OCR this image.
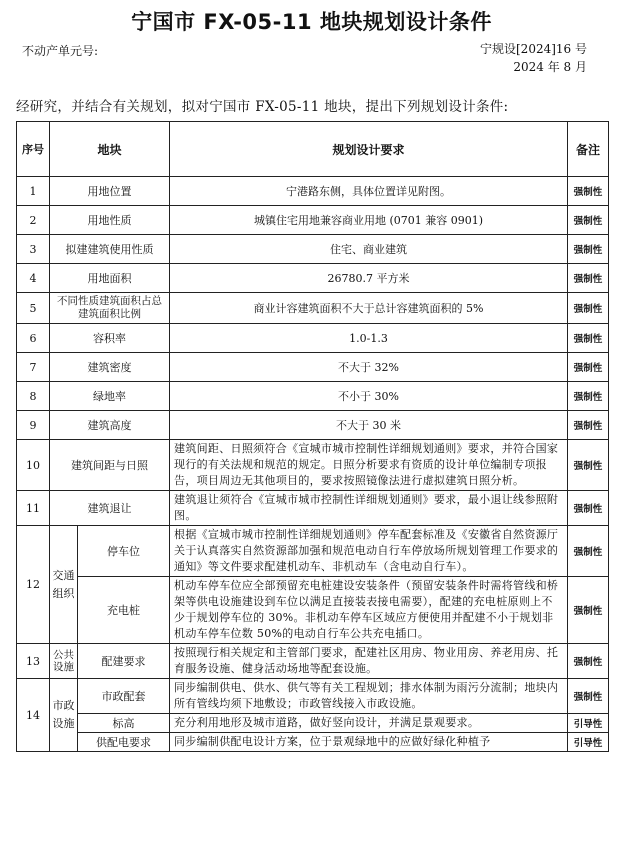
宁国市 FX-05-11 地块规划设计条件
不动产单元号:	宁规设[2024]16 号
2024 年 8 月
经研究，并结合有关规划，拟对宁国市 FX-05-11 地块，提出下列规划设计条件:
序号	地块		规划设计要求	备注
1	用地位置		宁港路东侧，具体位置详见附图。	强制性
2	用地性质		城镇住宅用地兼容商业用地 (0701 兼容 0901)	强制性
3	拟建建筑使用性质		住宅、商业建筑	强制性
4	用地面积		26780.7 平方米	强制性
5	不同性质建筑面积占总建筑面积比例		商业计容建筑面积不大于总计容建筑面积的 5%	强制性
6	容积率		1.0-1.3	强制性
7	建筑密度		不大于 32%	强制性
8	绿地率		不小于 30%	强制性
9	建筑高度		不大于 30 米	强制性
10	建筑间距与日照		建筑间距、日照须符合《宣城市城市控制性详细规划通则》要求，并符合国家现行的有关法规和规范的规定。日照分析要求有资质的设计单位编制专项报告，项目周边无其他项目的，要求按照镜像法进行虚拟建筑日照分析。	强制性
11	建筑退让		建筑退让须符合《宣城市城市控制性详细规划通则》要求，最小退让线参照附图。	强制性
12	交通组织	停车位	根据《宣城市城市控制性详细规划通则》停车配套标准及《安徽省自然资源厅关于认真落实自然资源部加强和规范电动自行车停放场所规划管理工作要求的通知》等文件要求配建机动车、非机动车（含电动自行车）。	强制性
		充电桩	机动车停车位应全部预留充电桩建设安装条件（预留安装条件时需将管线和桥架等供电设施建设到车位以满足直接装表接电需要），配建的充电桩原则上不少于规划停车位的 30%。非机动车停车区域应方便使用并配建不小于规划非机动车停车位数 50%的电动自行车公共充电插口。	强制性
13	公共设施	配建要求	按照现行相关规定和主管部门要求，配建社区用房、物业用房、养老用房、托育服务设施、健身活动场地等配套设施。	强制性
14	市政设施	市政配套	同步编制供电、供水、供气等有关工程规划；排水体制为雨污分流制；地块内所有管线均须下地敷设；市政管线接入市政设施。	强制性
		标高	充分利用地形及城市道路，做好竖向设计，并满足景观要求。	引导性
		供配电要求	同步编制供配电设计方案，位于景观绿地中的应做好绿化种植予	引导性
